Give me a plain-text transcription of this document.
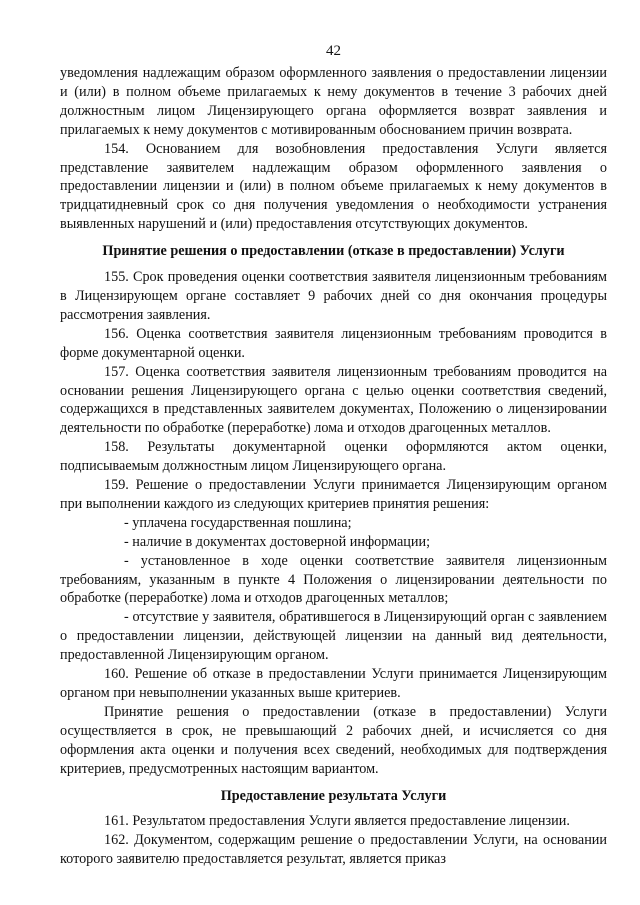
42

уведомления надлежащим образом оформленного заявления о предоставлении лицензии и (или) в полном объеме прилагаемых к нему документов в течение 3 рабочих дней должностным лицом Лицензирующего органа оформляется возврат заявления и прилагаемых к нему документов с мотивированным обоснованием причин возврата.

154. Основанием для возобновления предоставления Услуги является представление заявителем надлежащим образом оформленного заявления о предоставлении лицензии и (или) в полном объеме прилагаемых к нему документов в тридцатидневный срок со дня получения уведомления о необходимости устранения выявленных нарушений и (или) предоставления отсутствующих документов.

Принятие решения о предоставлении (отказе в предоставлении) Услуги

155. Срок проведения оценки соответствия заявителя лицензионным требованиям в Лицензирующем органе составляет 9 рабочих дней со дня окончания процедуры рассмотрения заявления.

156. Оценка соответствия заявителя лицензионным требованиям проводится в форме документарной оценки.

157. Оценка соответствия заявителя лицензионным требованиям проводится на основании решения Лицензирующего органа с целью оценки соответствия сведений, содержащихся в представленных заявителем документах, Положению о лицензировании деятельности по обработке (переработке) лома и отходов драгоценных металлов.

158. Результаты документарной оценки оформляются актом оценки, подписываемым должностным лицом Лицензирующего органа.

159. Решение о предоставлении Услуги принимается Лицензирующим органом при выполнении каждого из следующих критериев принятия решения:

- уплачена государственная пошлина;

- наличие в документах достоверной информации;

- установленное в ходе оценки соответствие заявителя лицензионным требованиям, указанным в пункте 4 Положения о лицензировании деятельности по обработке (переработке) лома и отходов драгоценных металлов;

- отсутствие у заявителя, обратившегося в Лицензирующий орган с заявлением о предоставлении лицензии, действующей лицензии на данный вид деятельности, предоставленной Лицензирующим органом.

160. Решение об отказе в предоставлении Услуги принимается Лицензирующим органом при невыполнении указанных выше критериев.

Принятие решения о предоставлении (отказе в предоставлении) Услуги осуществляется в срок, не превышающий 2 рабочих дней, и исчисляется со дня оформления акта оценки и получения всех сведений, необходимых для подтверждения критериев, предусмотренных настоящим вариантом.

Предоставление результата Услуги

161. Результатом предоставления Услуги является предоставление лицензии.

162. Документом, содержащим решение о предоставлении Услуги, на основании которого заявителю предоставляется результат, является приказ
